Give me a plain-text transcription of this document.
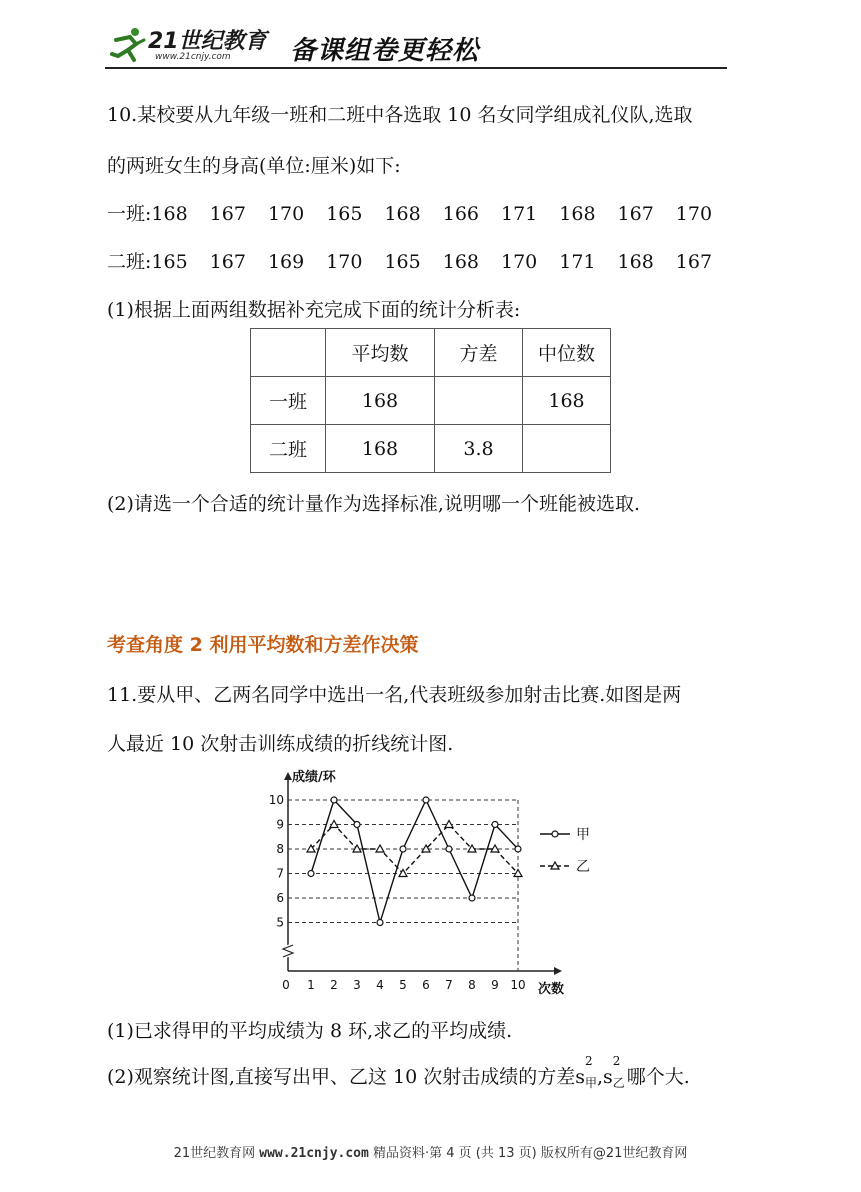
21世纪教育
www.21cnjy.com 备课组卷更轻松
10.某校要从九年级一班和二班中各选取 10 名女同学组成礼仪队,选取
的两班女生的身高(单位:厘米)如下:
一班:168 167 170 165 168 166 171 168 167 170
二班:165 167 169 170 165 168 170 171 168 167
(1)根据上面两组数据补充完成下面的统计分析表:
	平均数	方差	中位数
一班	168		168
二班	168	3.8	
(2)请选一个合适的统计量作为选择标准,说明哪一个班能被选取.
考查角度 2 利用平均数和方差作决策
11.要从甲、乙两名同学中选出一名,代表班级参加射击比赛.如图是两
人最近 10 次射击训练成绩的折线统计图.
5
6
7
8
9
10
0 1 2 3 4 5 6 7 8 9 10
成绩/环
次数
甲
乙
(1)已求得甲的平均成绩为 8 环,求乙的平均成绩.
(2)观察统计图,直接写出甲、乙这 10 次射击成绩的方差s
2
甲 ,s
2
乙 哪个大.
21世纪教育网 www.21cnjy.com 精品资料·第 4 页 (共 13 页) 版权所有@21世纪教育网
